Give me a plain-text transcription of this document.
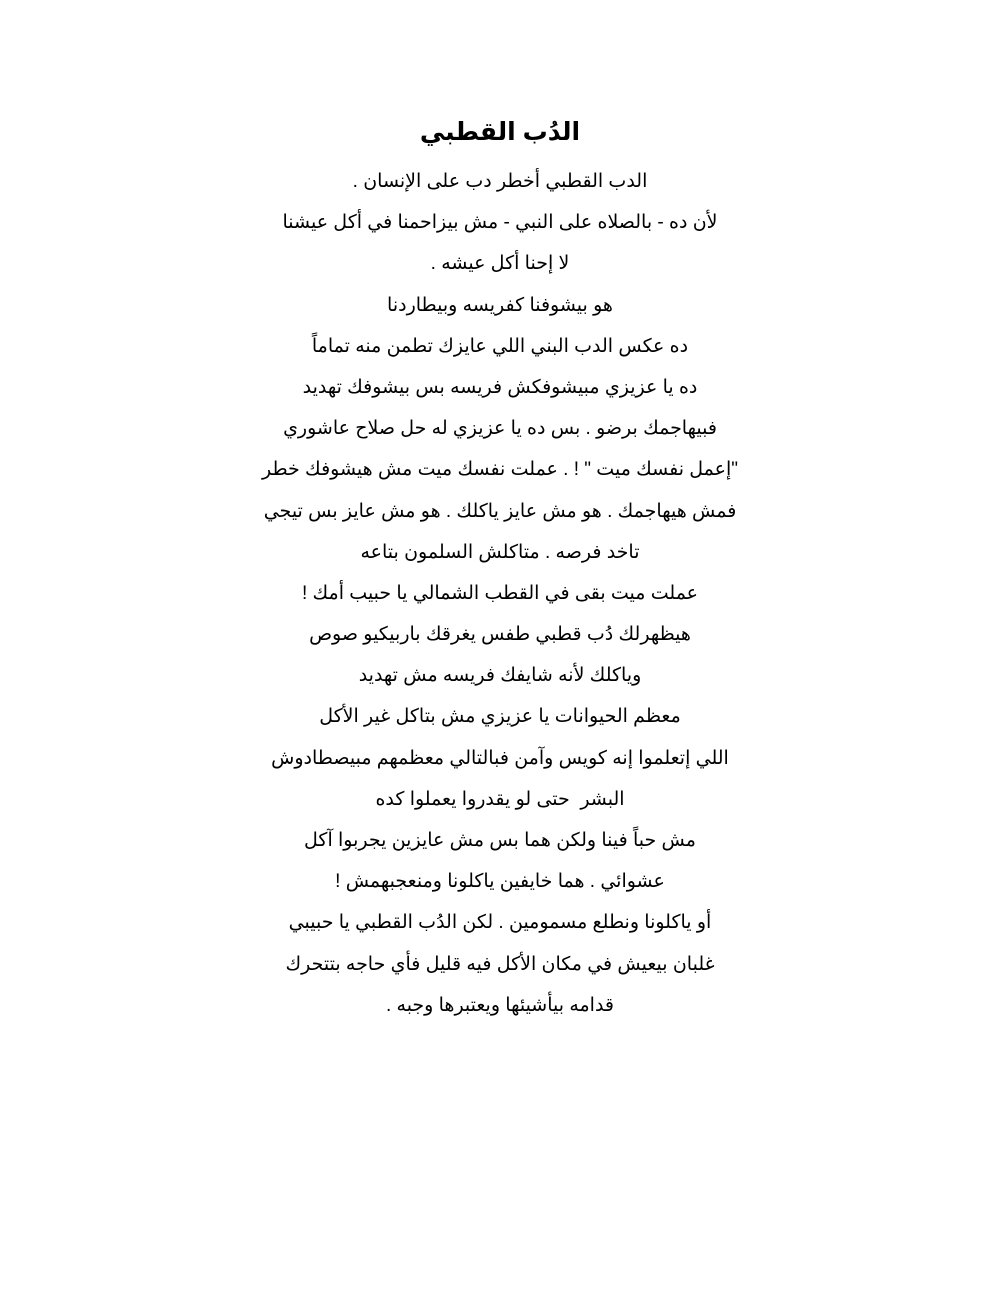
الدُب القطبي
الدب القطبي أخطر دب على الإنسان .
لأن ده - بالصلاه على النبي - مش بيزاحمنا في أكل عيشنا
لا إحنا أكل عيشه .
هو بيشوفنا كفريسه وبيطاردنا
ده عكس الدب البني اللي عايزك تطمن منه تماماً
ده يا عزيزي مبيشوفكش فريسه بس بيشوفك تهديد
فبيهاجمك برضو . بس ده يا عزيزي له حل صلاح عاشوري
"إعمل نفسك ميت " ! . عملت نفسك ميت مش هيشوفك خطر
فمش هيهاجمك . هو مش عايز ياكلك . هو مش عايز بس تيجي
تاخد فرصه . متاكلش السلمون بتاعه
عملت ميت بقى في القطب الشمالي يا حبيب أمك !
هيظهرلك دُب قطبي طفس يغرقك باربيكيو صوص
وياكلك لأنه شايفك فريسه مش تهديد
معظم الحيوانات يا عزيزي مش بتاكل غير الأكل
اللي إتعلموا إنه كويس وآمن فبالتالي معظمهم مبيصطادوش
البشر  حتى لو يقدروا يعملوا كده
مش حباً فينا ولكن هما بس مش عايزين يجربوا آكل
عشوائي . هما خايفين ياكلونا ومنعجبهمش !
أو ياكلونا ونطلع مسمومين . لكن الدُب القطبي يا حبيبي
غلبان بيعيش في مكان الأكل فيه قليل فأي حاجه بتتحرك
قدامه بيأشيئها ويعتبرها وجبه .
